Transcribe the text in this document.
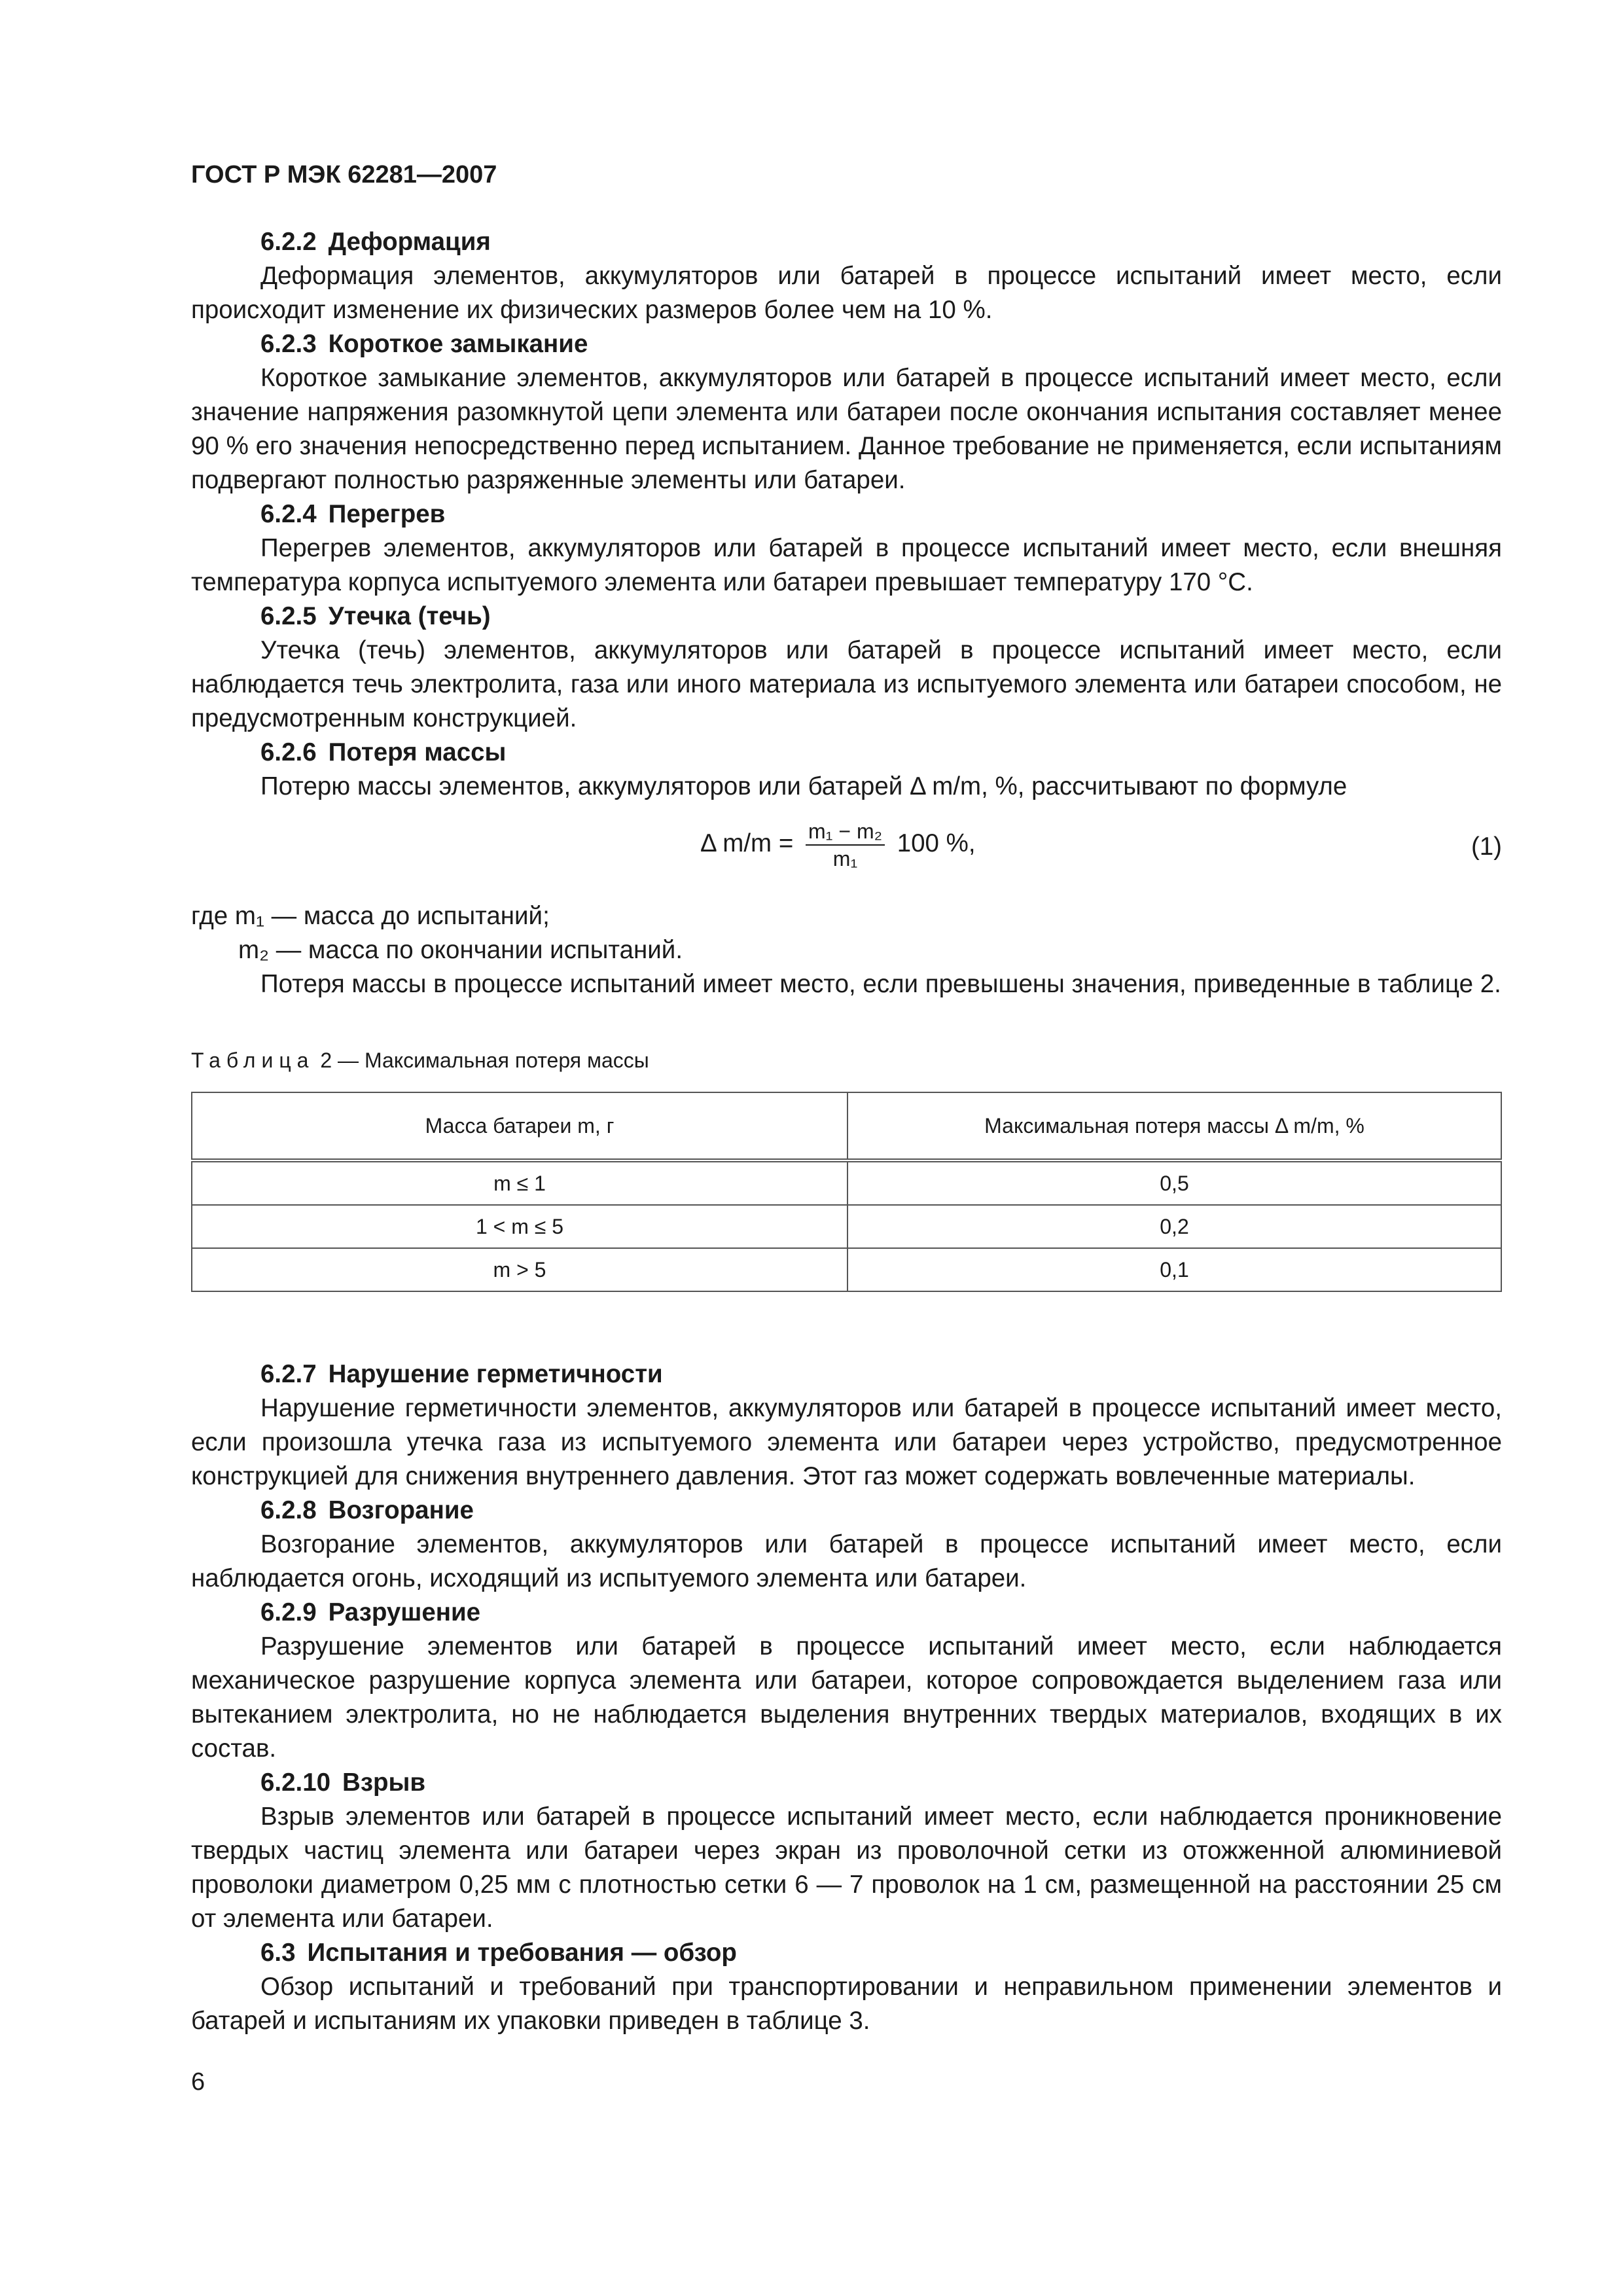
ГОСТ Р МЭК 62281—2007

6.2.2 Деформация

Деформация элементов, аккумуляторов или батарей в процессе испытаний имеет место, если происходит изменение их физических размеров более чем на 10 %.

6.2.3 Короткое замыкание

Короткое замыкание элементов, аккумуляторов или батарей в процессе испытаний имеет место, если значение напряжения разомкнутой цепи элемента или батареи после окончания испытания составляет менее 90 % его значения непосредственно перед испытанием. Данное требование не применяется, если испытаниям подвергают полностью разряженные элементы или батареи.

6.2.4 Перегрев

Перегрев элементов, аккумуляторов или батарей в процессе испытаний имеет место, если внешняя температура корпуса испытуемого элемента или батареи превышает температуру 170 °С.

6.2.5 Утечка (течь)

Утечка (течь) элементов, аккумуляторов или батарей в процессе испытаний имеет место, если наблюдается течь электролита, газа или иного материала из испытуемого элемента или батареи способом, не предусмотренным конструкцией.

6.2.6 Потеря массы

Потерю массы элементов, аккумуляторов или батарей Δ m/m, %, рассчитывают по формуле

Δ $m/m = \frac{\text{m₁ − m₂}}{\text{m₁}} 100$ %,	(1)

где m₁ — масса до испытаний;

m₂ — масса по окончании испытаний.

Потеря массы в процессе испытаний имеет место, если превышены значения, приведенные в таблице 2.

Таблица 2 — Максимальная потеря массы
Масса батареи m, г	Максимальная потеря массы Δ m/m, %
m ≤ 1	0,5
1 < m ≤ 5	0,2
m > 5	0,1

6.2.7 Нарушение герметичности

Нарушение герметичности элементов, аккумуляторов или батарей в процессе испытаний имеет место, если произошла утечка газа из испытуемого элемента или батареи через устройство, предусмотренное конструкцией для снижения внутреннего давления. Этот газ может содержать вовлеченные материалы.

6.2.8 Возгорание

Возгорание элементов, аккумуляторов или батарей в процессе испытаний имеет место, если наблюдается огонь, исходящий из испытуемого элемента или батареи.

6.2.9 Разрушение

Разрушение элементов или батарей в процессе испытаний имеет место, если наблюдается механическое разрушение корпуса элемента или батареи, которое сопровождается выделением газа или вытеканием электролита, но не наблюдается выделения внутренних твердых материалов, входящих в их состав.

6.2.10 Взрыв

Взрыв элементов или батарей в процессе испытаний имеет место, если наблюдается проникновение твердых частиц элемента или батареи через экран из проволочной сетки из отожженной алюминиевой проволоки диаметром 0,25 мм с плотностью сетки 6 — 7 проволок на 1 см, размещенной на расстоянии 25 см от элемента или батареи.

6.3 Испытания и требования — обзор

Обзор испытаний и требований при транспортировании и неправильном применении элементов и батарей и испытаниям их упаковки приведен в таблице 3.

6
